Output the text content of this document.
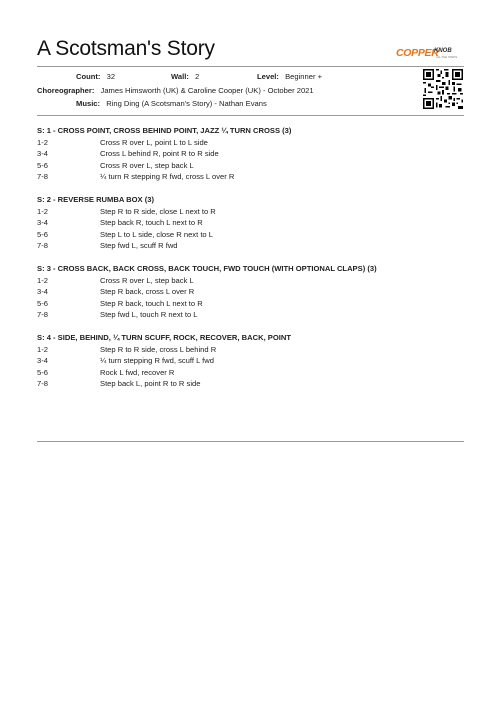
A Scotsman's Story	COPPER
KNOB
ALL THE STEPS
Count: 32	Wall: 2	Level: Beginner +
Choreographer: James Himsworth (UK) & Caroline Cooper (UK) - October 2021
Music: Ring Ding (A Scotsman's Story) - Nathan Evans
S: 1 - CROSS POINT, CROSS BEHIND POINT, JAZZ ¼ TURN CROSS (3)
1-2	Cross R over L, point L to L side
3-4	Cross L behind R, point R to R side
5-6	Cross R over L, step back L
7-8	¼ turn R stepping R fwd, cross L over R
S: 2 - REVERSE RUMBA BOX (3)
1-2	Step R to R side, close L next to R
3-4	Step back R, touch L next to R
5-6	Step L to L side, close R next to L
7-8	Step fwd L, scuff R fwd
S: 3 - CROSS BACK, BACK CROSS, BACK TOUCH, FWD TOUCH (WITH OPTIONAL CLAPS) (3)
1-2	Cross R over L, step back L
3-4	Step R back, cross L over R
5-6	Step R back, touch L next to R
7-8	Step fwd L, touch R next to L
S: 4 - SIDE, BEHIND, ¼ TURN SCUFF, ROCK, RECOVER, BACK, POINT
1-2	Step R to R side, cross L behind R
3-4	¼ turn stepping R fwd, scuff L fwd
5-6	Rock L fwd, recover R
7-8	Step back L, point R to R side
